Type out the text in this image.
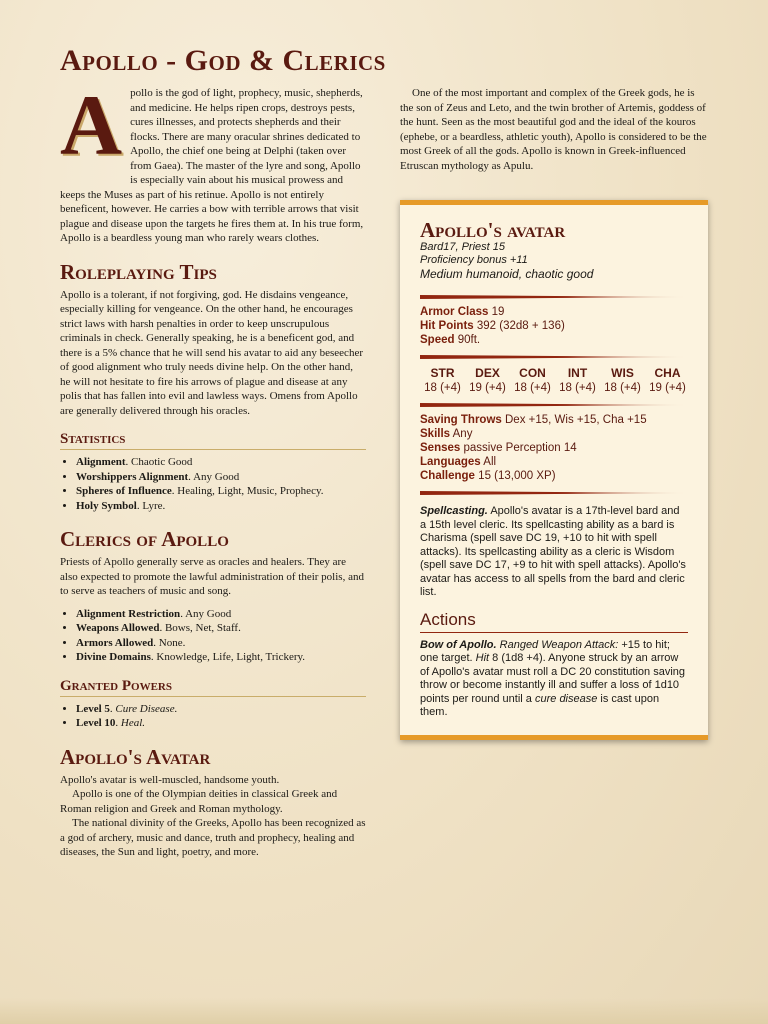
Apollo - God & Clerics

Apollo is the god of light, prophecy, music, shepherds, and medicine. He helps ripen crops, destroys pests, cures illnesses, and protects shepherds and their flocks. There are many oracular shrines dedicated to Apollo, the chief one being at Delphi (taken over from Gaea). The master of the lyre and song, Apollo is especially vain about his musical prowess and keeps the Muses as part of his retinue. Apollo is not entirely beneficent, however. He carries a bow with terrible arrows that visit plague and disease upon the targets he fires them at. In his true form, Apollo is a beardless young man who rarely wears clothes.

Roleplaying Tips

Apollo is a tolerant, if not forgiving, god. He disdains vengeance, especially killing for vengeance. On the other hand, he encourages strict laws with harsh penalties in order to keep unscrupulous criminals in check. Generally speaking, he is a beneficent god, and there is a 5% chance that he will send his avatar to aid any beseecher of good alignment who truly needs divine help. On the other hand, he will not hesitate to fire his arrows of plague and disease at any polis that has fallen into evil and lawless ways. Omens from Apollo are generally delivered through his oracles.

Statistics
• Alignment. Chaotic Good
• Worshippers Alignment. Any Good
• Spheres of Influence. Healing, Light, Music, Prophecy.
• Holy Symbol. Lyre.
Clerics of Apollo

Priests of Apollo generally serve as oracles and healers. They are also expected to promote the lawful administration of their polis, and to serve as teachers of music and song.

• Alignment Restriction. Any Good
• Weapons Allowed. Bows, Net, Staff.
• Armors Allowed. None.
• Divine Domains. Knowledge, Life, Light, Trickery.
Granted Powers
• Level 5. Cure Disease.
• Level 10. Heal.
Apollo's Avatar

Apollo's avatar is well-muscled, handsome youth.

Apollo is one of the Olympian deities in classical Greek and Roman religion and Greek and Roman mythology.

The national divinity of the Greeks, Apollo has been recognized as a god of archery, music and dance, truth and prophecy, healing and diseases, the Sun and light, poetry, and more.

One of the most important and complex of the Greek gods, he is the son of Zeus and Leto, and the twin brother of Artemis, goddess of the hunt. Seen as the most beautiful god and the ideal of the kouros (ephebe, or a beardless, athletic youth), Apollo is considered to be the most Greek of all the gods. Apollo is known in Greek-influenced Etruscan mythology as Apulu.

Apollo's avatar
Bard17, Priest 15
Proficiency bonus +11
Medium humanoid, chaotic good
Armor Class 19
Hit Points 392 (32d8 + 136)
Speed 90ft.
STR
18 (+4)
DEX
19 (+4)
CON
18 (+4)
INT
18 (+4)
WIS
18 (+4)
CHA
19 (+4)
Saving Throws Dex +15, Wis +15, Cha +15
Skills Any
Senses passive Perception 14
Languages All
Challenge 15 (13,000 XP)
Spellcasting. Apollo's avatar is a 17th-level bard and a 15th level cleric. Its spellcasting ability as a bard is Charisma (spell save DC 19, +10 to hit with spell attacks). Its spellcasting ability as a cleric is Wisdom (spell save DC 17, +9 to hit with spell attacks). Apollo's avatar has access to all spells from the bard and cleric list.
Actions
Bow of Apollo. Ranged Weapon Attack: +15 to hit; one target. Hit 8 (1d8 +4). Anyone struck by an arrow of Apollo's avatar must roll a DC 20 constitution saving throw or become instantly ill and suffer a loss of 1d10 points per round until a cure disease is cast upon them.
